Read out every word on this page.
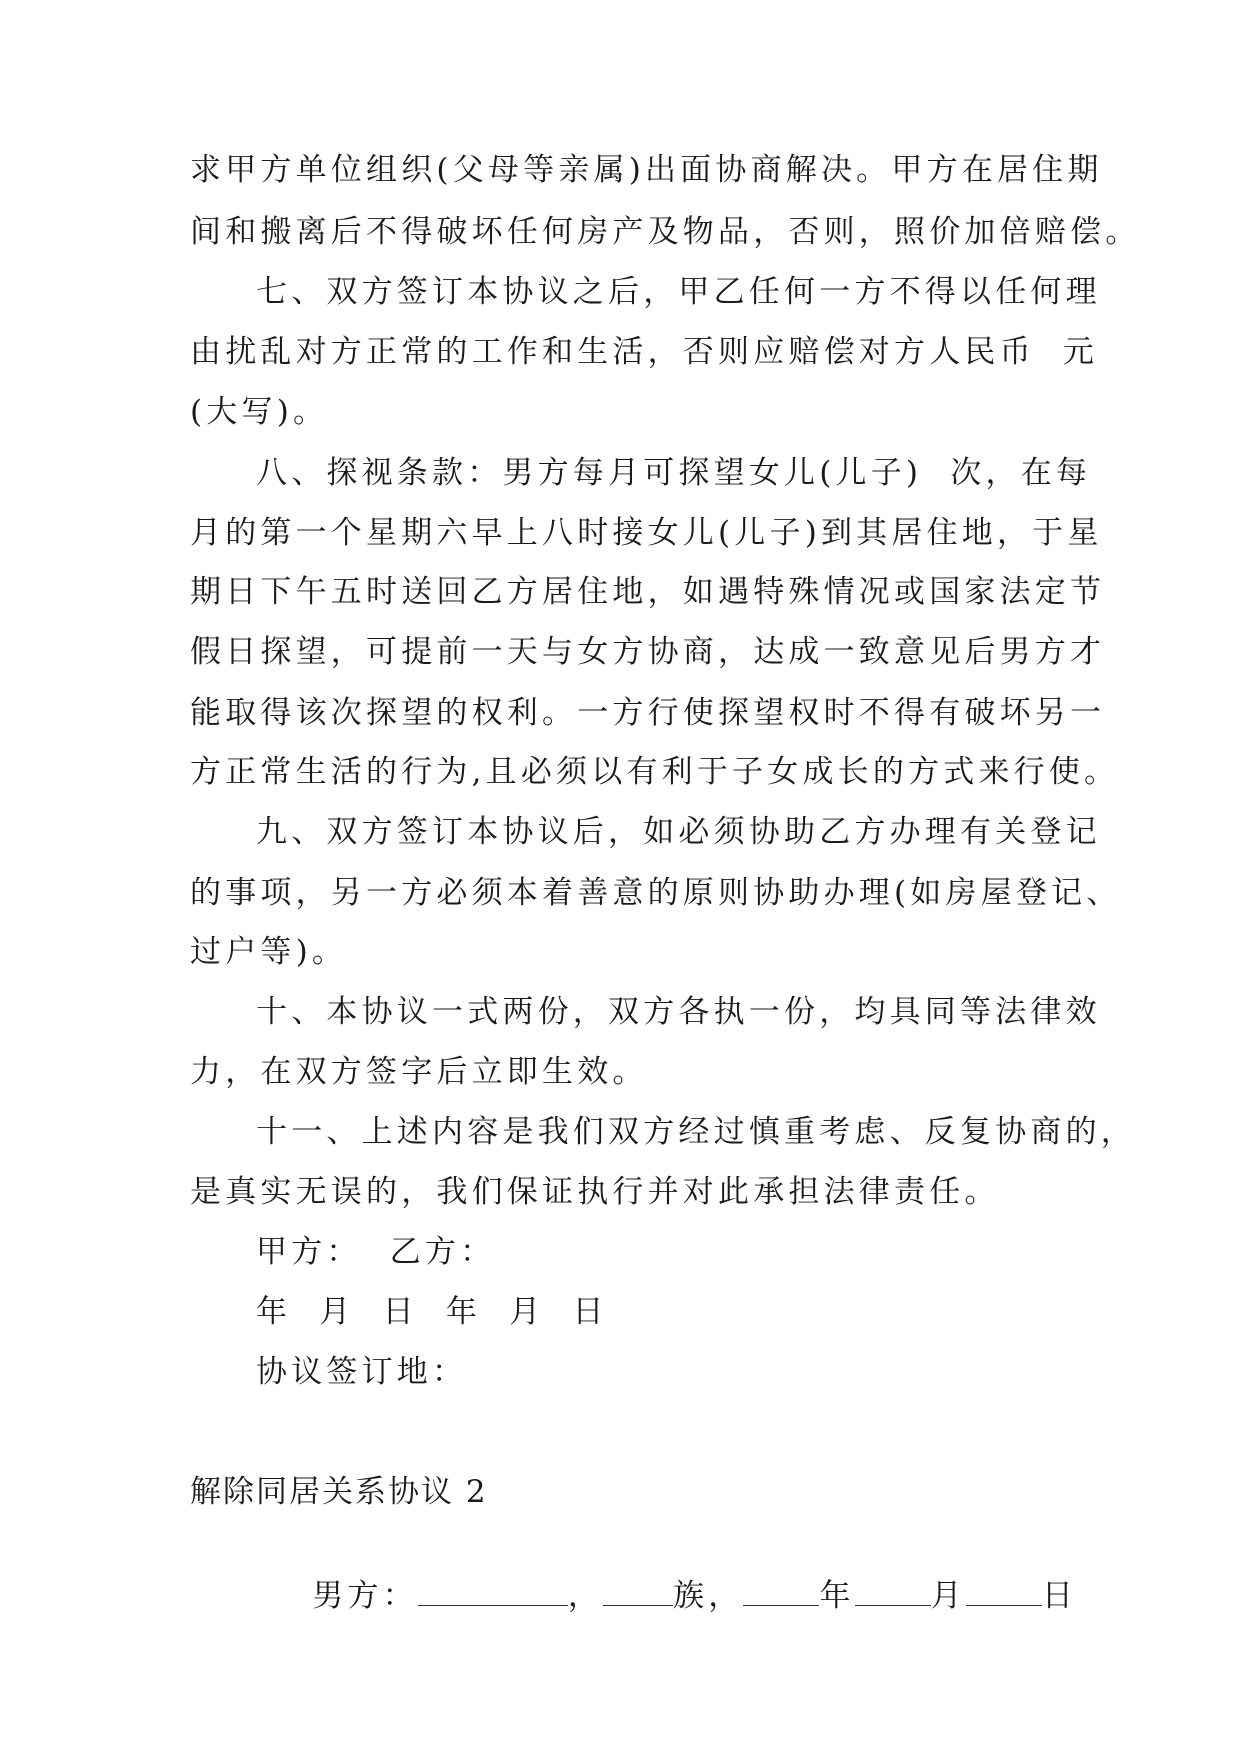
求甲方单位组织(父母等亲属)出面协商解决。甲方在居住期
间和搬离后不得破坏任何房产及物品，否则，照价加倍赔偿。
七、双方签订本协议之后，甲乙任何一方不得以任何理
由扰乱对方正常的工作和生活，否则应赔偿对方人民币  元
(大写)。
八、探视条款：男方每月可探望女儿(儿子)  次，在每
月的第一个星期六早上八时接女儿(儿子)到其居住地，于星
期日下午五时送回乙方居住地，如遇特殊情况或国家法定节
假日探望，可提前一天与女方协商，达成一致意见后男方才
能取得该次探望的权利。一方行使探望权时不得有破坏另一
方正常生活的行为,且必须以有利于子女成长的方式来行使。
九、双方签订本协议后，如必须协助乙方办理有关登记
的事项，另一方必须本着善意的原则协助办理(如房屋登记、
过户等)。
十、本协议一式两份，双方各执一份，均具同等法律效
力，在双方签字后立即生效。
十一、上述内容是我们双方经过慎重考虑、反复协商的，
是真实无误的，我们保证执行并对此承担法律责任。
甲方：  乙方：
年  月  日  年  月  日
协议签订地：
解除同居关系协议 2

男方：	， 族， 年 月 日
